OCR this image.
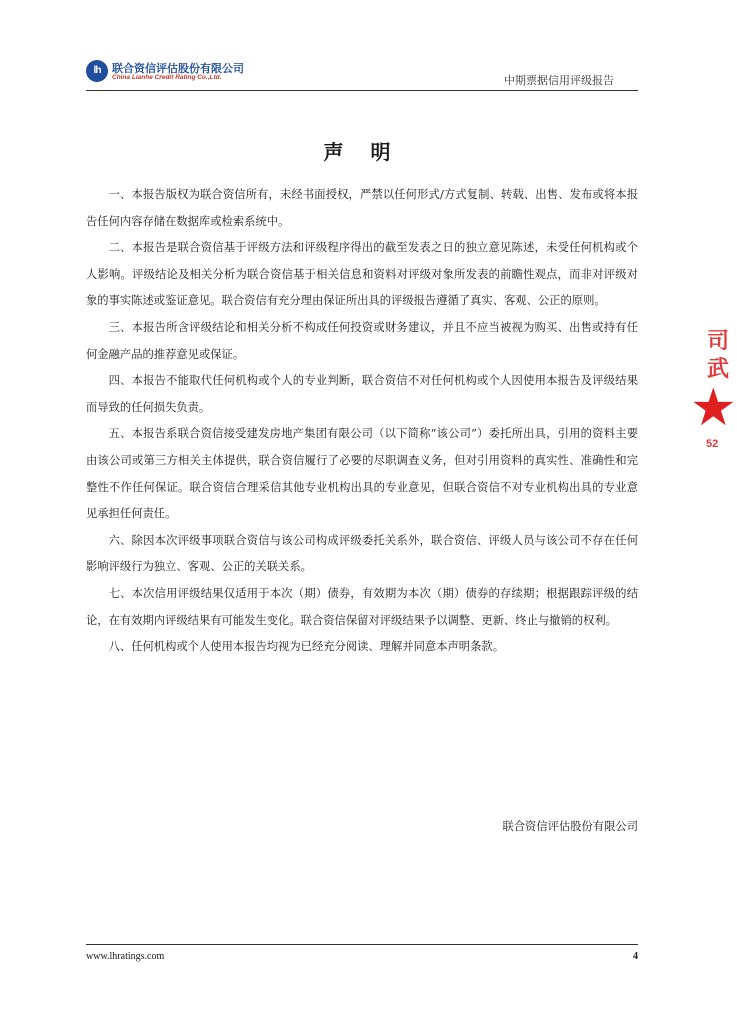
lh	联合资信评估股份有限公司
China Lianhe Credit Rating Co.,Ltd.	中期票据信用评级报告
声 明

一、本报告版权为联合资信所有，未经书面授权，严禁以任何形式/方式复制、转载、出售、发布或将本报告任何内容存储在数据库或检索系统中。

二、本报告是联合资信基于评级方法和评级程序得出的截至发表之日的独立意见陈述，未受任何机构或个人影响。评级结论及相关分析为联合资信基于相关信息和资料对评级对象所发表的前瞻性观点，而非对评级对象的事实陈述或鉴证意见。联合资信有充分理由保证所出具的评级报告遵循了真实、客观、公正的原则。

三、本报告所含评级结论和相关分析不构成任何投资或财务建议，并且不应当被视为购买、出售或持有任何金融产品的推荐意见或保证。

四、本报告不能取代任何机构或个人的专业判断，联合资信不对任何机构或个人因使用本报告及评级结果而导致的任何损失负责。

五、本报告系联合资信接受建发房地产集团有限公司（以下简称“该公司”）委托所出具，引用的资料主要由该公司或第三方相关主体提供，联合资信履行了必要的尽职调查义务，但对引用资料的真实性、准确性和完整性不作任何保证。联合资信合理采信其他专业机构出具的专业意见，但联合资信不对专业机构出具的专业意见承担任何责任。

六、除因本次评级事项联合资信与该公司构成评级委托关系外，联合资信、评级人员与该公司不存在任何影响评级行为独立、客观、公正的关联关系。

七、本次信用评级结果仅适用于本次（期）债券，有效期为本次（期）债券的存续期；根据跟踪评级的结论，在有效期内评级结果有可能发生变化。联合资信保留对评级结果予以调整、更新、终止与撤销的权利。

八、任何机构或个人使用本报告均视为已经充分阅读、理解并同意本声明条款。

联合资信评估股份有限公司
司 武
★
52
www.lhratings.com	4
